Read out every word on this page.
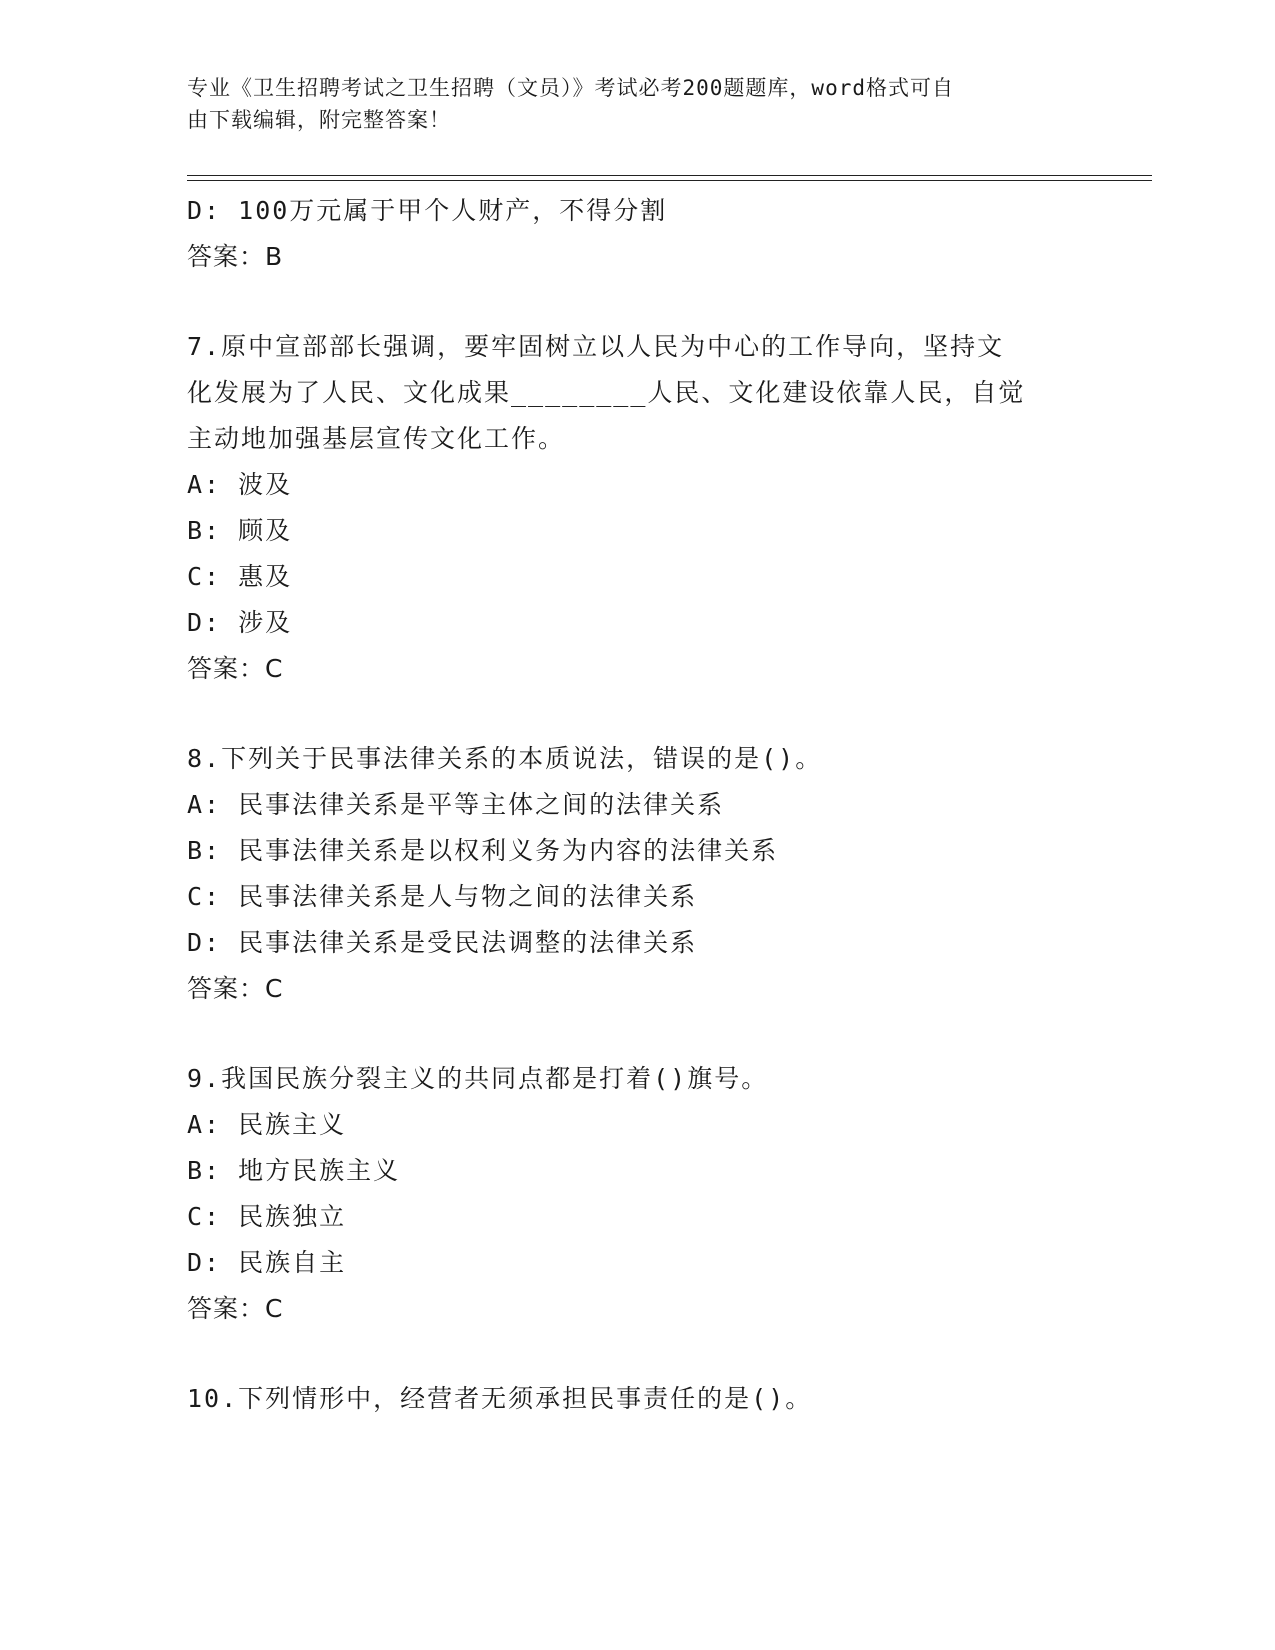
专业《卫生招聘考试之卫生招聘（文员）》考试必考200题题库，word格式可自
由下载编辑，附完整答案！
D: 100万元属于甲个人财产，不得分割
答案：B
7.原中宣部部长强调，要牢固树立以人民为中心的工作导向，坚持文
化发展为了人民、文化成果________人民、文化建设依靠人民，自觉
主动地加强基层宣传文化工作。
A: 波及
B: 顾及
C: 惠及
D: 涉及
答案：C
8.下列关于民事法律关系的本质说法，错误的是()。
A: 民事法律关系是平等主体之间的法律关系
B: 民事法律关系是以权利义务为内容的法律关系
C: 民事法律关系是人与物之间的法律关系
D: 民事法律关系是受民法调整的法律关系
答案：C
9.我国民族分裂主义的共同点都是打着()旗号。
A: 民族主义
B: 地方民族主义
C: 民族独立
D: 民族自主
答案：C
10.下列情形中，经营者无须承担民事责任的是()。
